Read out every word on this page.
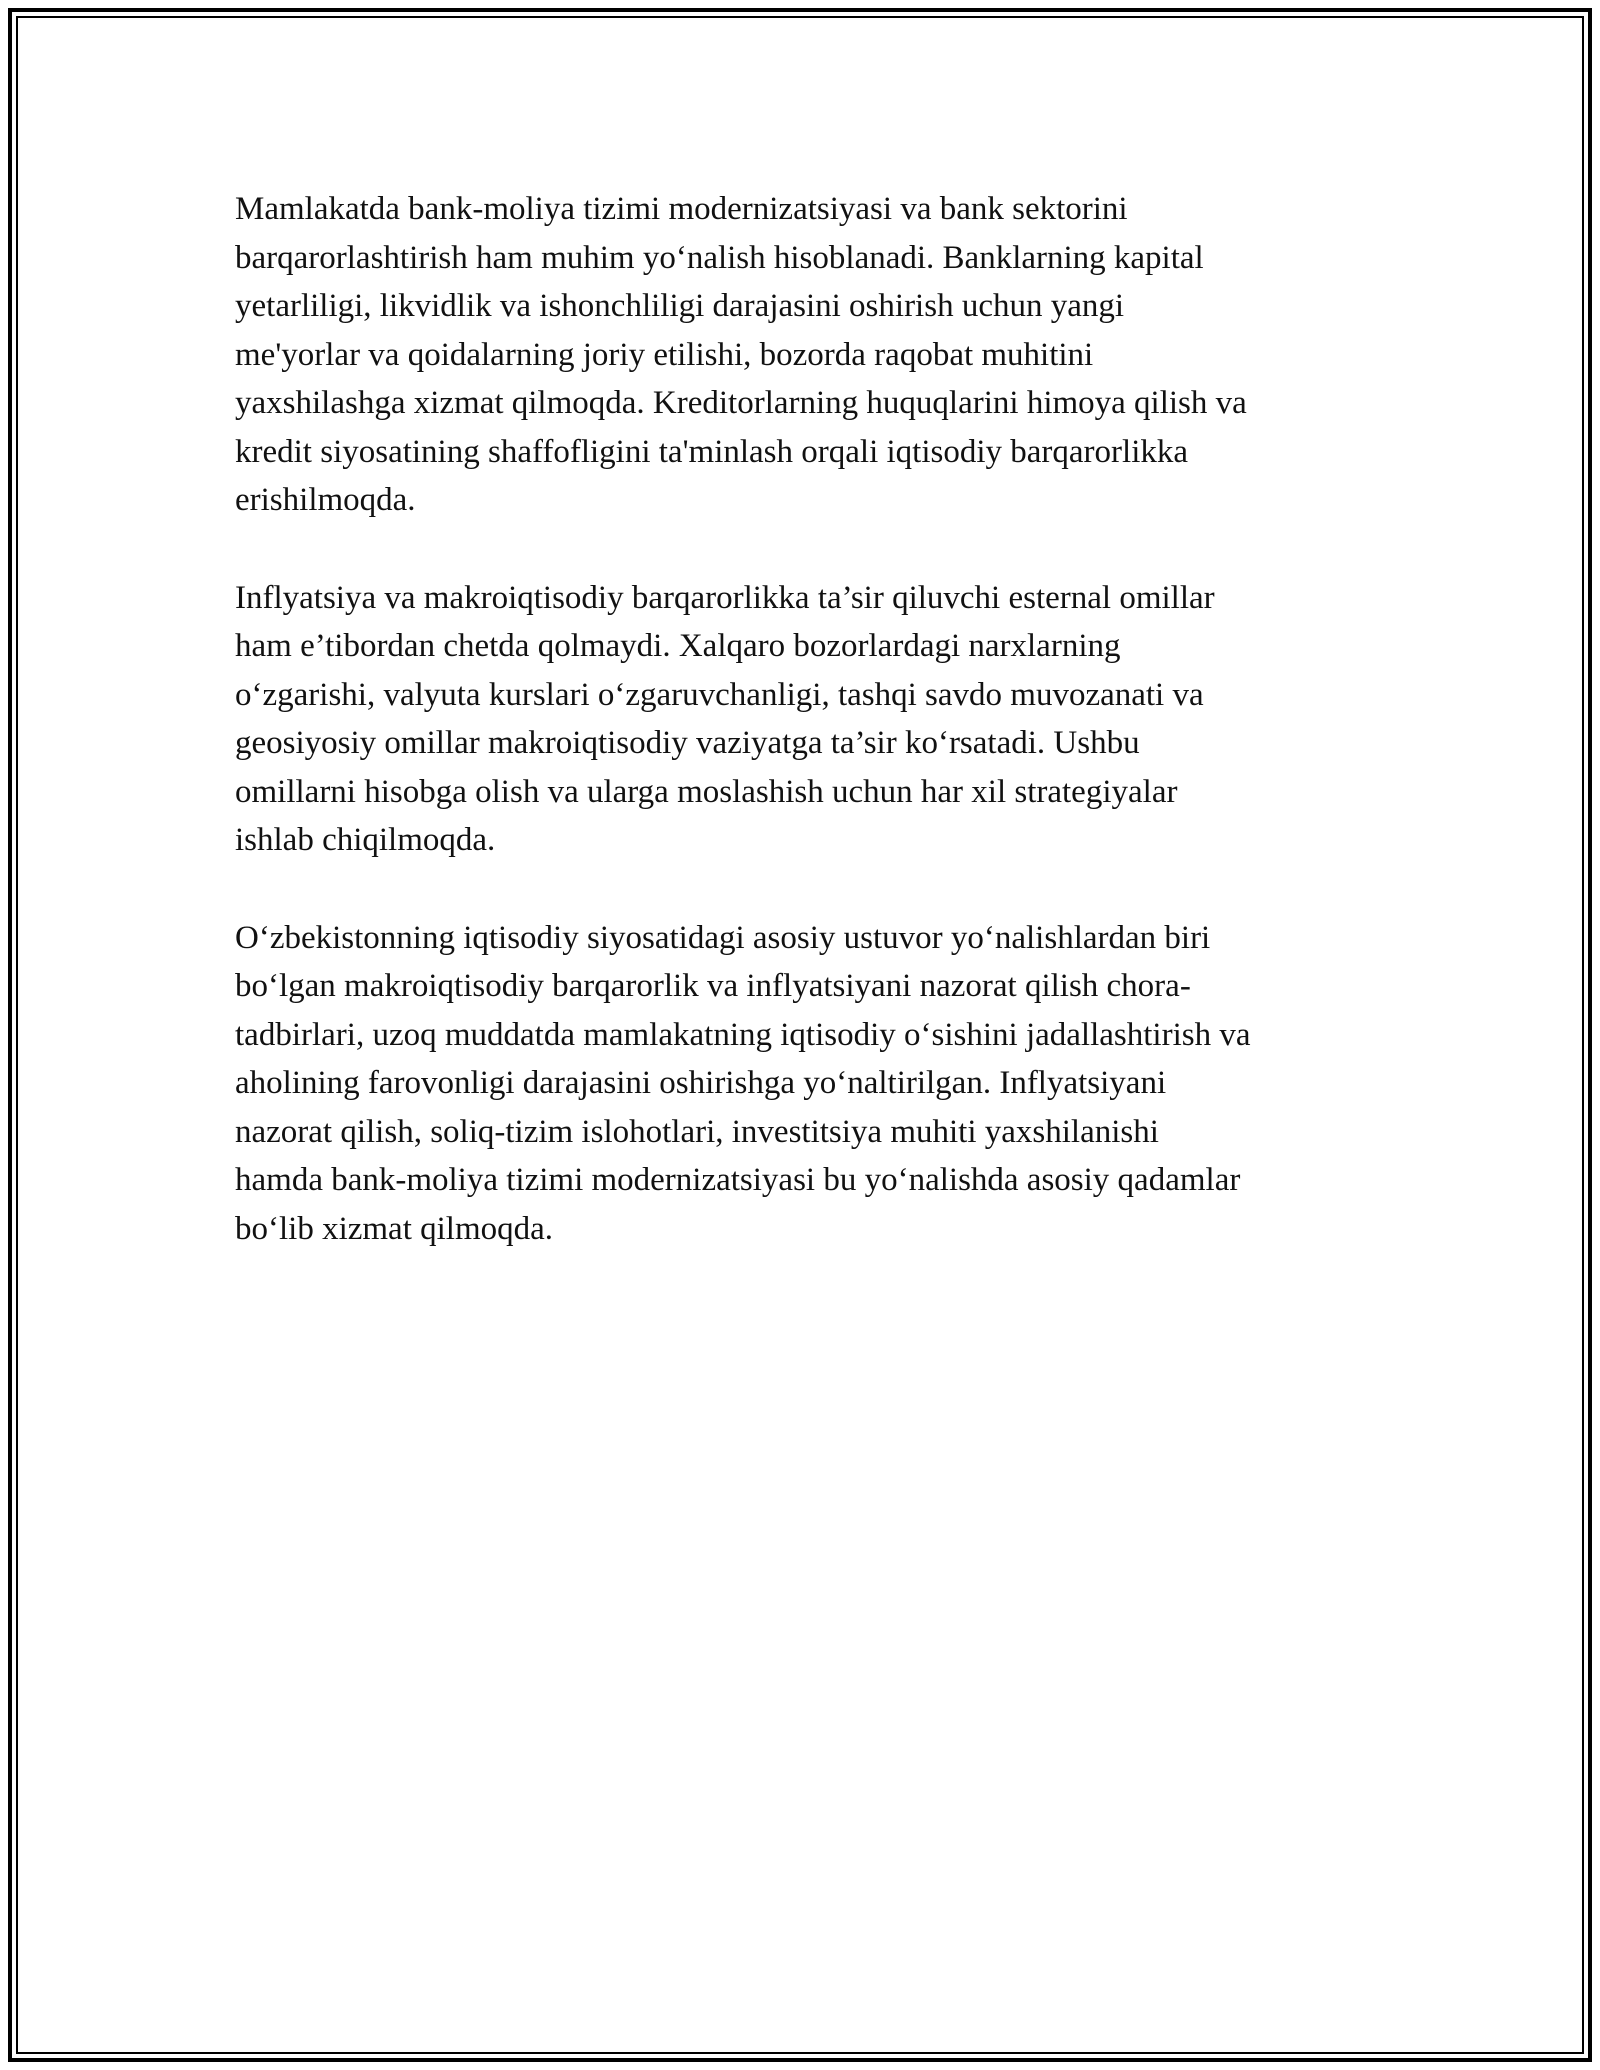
Mamlakatda bank-moliya tizimi modernizatsiyasi va bank sektorini
barqarorlashtirish ham muhim yo‘nalish hisoblanadi. Banklarning kapital
yetarliligi, likvidlik va ishonchliligi darajasini oshirish uchun yangi
me'yorlar va qoidalarning joriy etilishi, bozorda raqobat muhitini
yaxshilashga xizmat qilmoqda. Kreditorlarning huquqlarini himoya qilish va
kredit siyosatining shaffofligini ta'minlash orqali iqtisodiy barqarorlikka
erishilmoqda.

Inflyatsiya va makroiqtisodiy barqarorlikka ta’sir qiluvchi esternal omillar
ham e’tibordan chetda qolmaydi. Xalqaro bozorlardagi narxlarning
o‘zgarishi, valyuta kurslari o‘zgaruvchanligi, tashqi savdo muvozanati va
geosiyosiy omillar makroiqtisodiy vaziyatga ta’sir ko‘rsatadi. Ushbu
omillarni hisobga olish va ularga moslashish uchun har xil strategiyalar
ishlab chiqilmoqda.

O‘zbekistonning iqtisodiy siyosatidagi asosiy ustuvor yo‘nalishlardan biri
bo‘lgan makroiqtisodiy barqarorlik va inflyatsiyani nazorat qilish chora-
tadbirlari, uzoq muddatda mamlakatning iqtisodiy o‘sishini jadallashtirish va
aholining farovonligi darajasini oshirishga yo‘naltirilgan. Inflyatsiyani
nazorat qilish, soliq-tizim islohotlari, investitsiya muhiti yaxshilanishi
hamda bank-moliya tizimi modernizatsiyasi bu yo‘nalishda asosiy qadamlar
bo‘lib xizmat qilmoqda.
